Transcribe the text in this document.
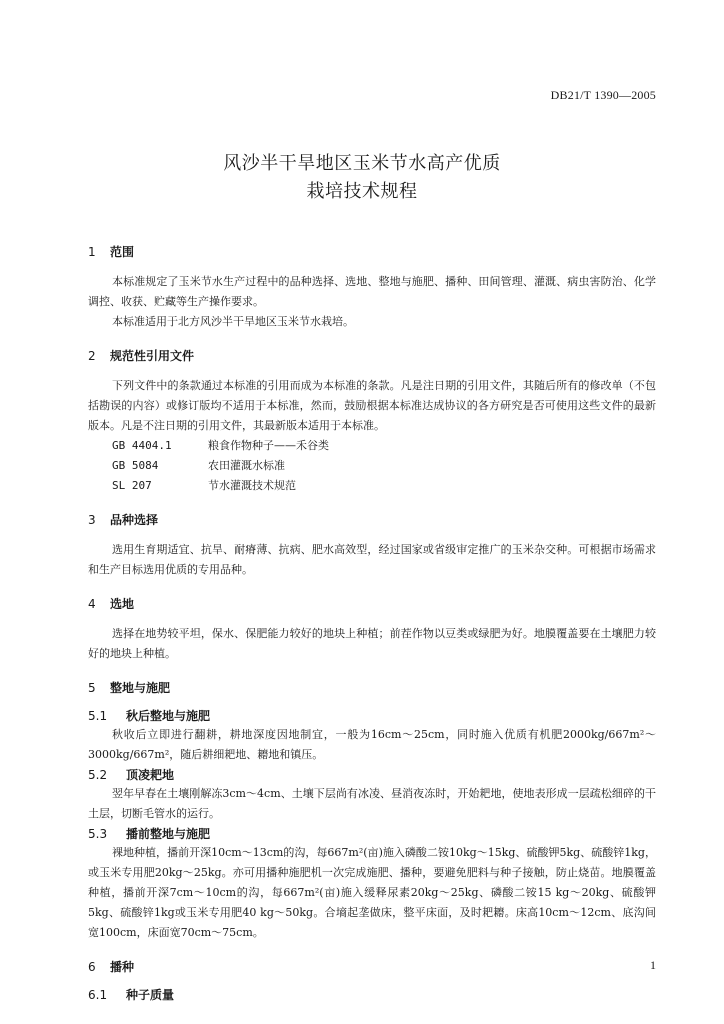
DB21/T 1390—2005
风沙半干旱地区玉米节水高产优质
栽培技术规程
1	范围

本标准规定了玉米节水生产过程中的品种选择、选地、整地与施肥、播种、田间管理、灌溉、病虫害防治、化学调控、收获、贮藏等生产操作要求。

本标准适用于北方风沙半干旱地区玉米节水栽培。

2	规范性引用文件

下列文件中的条款通过本标准的引用而成为本标准的条款。凡是注日期的引用文件，其随后所有的修改单（不包括勘误的内容）或修订版均不适用于本标准，然而，鼓励根据本标准达成协议的各方研究是否可使用这些文件的最新版本。凡是不注日期的引用文件，其最新版本适用于本标准。

GB 4404.1	粮食作物种子——禾谷类
GB 5084	农田灌溉水标准
SL 207	节水灌溉技术规范
3	品种选择

选用生育期适宜、抗旱、耐瘠薄、抗病、肥水高效型，经过国家或省级审定推广的玉米杂交种。可根据市场需求和生产目标选用优质的专用品种。

4	选地

选择在地势较平坦，保水、保肥能力较好的地块上种植；前茬作物以豆类或绿肥为好。地膜覆盖要在土壤肥力较好的地块上种植。

5	整地与施肥
5.1	秋后整地与施肥

秋收后立即进行翻耕，耕地深度因地制宜，一般为16cm～25cm，同时施入优质有机肥2000kg/667m²～3000kg/667m²，随后耕细耙地、耱地和镇压。

5.2	顶凌耙地

翌年早春在土壤刚解冻3cm～4cm、土壤下层尚有冰凌、昼消夜冻时，开始耙地，使地表形成一层疏松细碎的干土层，切断毛管水的运行。

5.3	播前整地与施肥

裸地种植，播前开深10cm～13cm的沟，每667m²(亩)施入磷酸二铵10kg～15kg、硫酸钾5kg、硫酸锌1kg，或玉米专用肥20kg～25kg。亦可用播种施肥机一次完成施肥、播种，要避免肥料与种子接触，防止烧苗。地膜覆盖种植，播前开深7cm～10cm的沟，每667m²(亩)施入缓释尿素20kg～25kg、磷酸二铵15 kg～20kg、硫酸钾5kg、硫酸锌1kg或玉米专用肥40 kg～50kg。合墒起垄做床，整平床面，及时耙耱。床高10cm～12cm、底沟间宽100cm，床面宽70cm～75cm。

6	播种
6.1	种子质量
1
